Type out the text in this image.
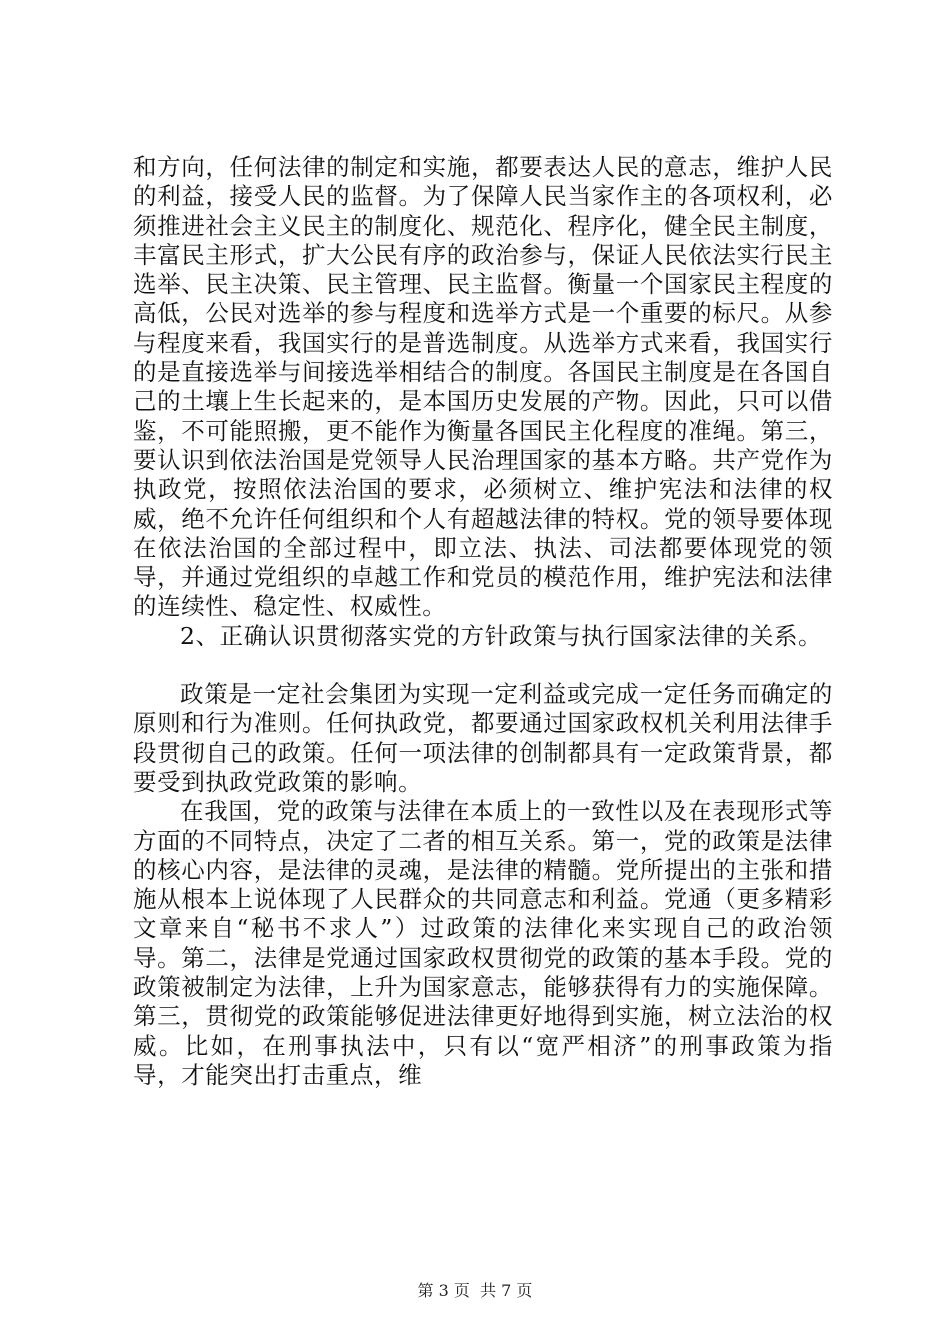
和方向，任何法律的制定和实施，都要表达人民的意志，维护人民的利益，接受人民的监督。为了保障人民当家作主的各项权利，必须推进社会主义民主的制度化、规范化、程序化，健全民主制度，丰富民主形式，扩大公民有序的政治参与，保证人民依法实行民主选举、民主决策、民主管理、民主监督。衡量一个国家民主程度的高低，公民对选举的参与程度和选举方式是一个重要的标尺。从参与程度来看，我国实行的是普选制度。从选举方式来看，我国实行的是直接选举与间接选举相结合的制度。各国民主制度是在各国自己的土壤上生长起来的，是本国历史发展的产物。因此，只可以借鉴，不可能照搬，更不能作为衡量各国民主化程度的准绳。第三，要认识到依法治国是党领导人民治理国家的基本方略。共产党作为执政党，按照依法治国的要求，必须树立、维护宪法和法律的权威，绝不允许任何组织和个人有超越法律的特权。党的领导要体现在依法治国的全部过程中，即立法、执法、司法都要体现党的领导，并通过党组织的卓越工作和党员的模范作用，维护宪法和法律的连续性、稳定性、权威性。

2、正确认识贯彻落实党的方针政策与执行国家法律的关系。

政策是一定社会集团为实现一定利益或完成一定任务而确定的原则和行为准则。任何执政党，都要通过国家政权机关利用法律手段贯彻自己的政策。任何一项法律的创制都具有一定政策背景，都要受到执政党政策的影响。

在我国，党的政策与法律在本质上的一致性以及在表现形式等方面的不同特点，决定了二者的相互关系。第一，党的政策是法律的核心内容，是法律的灵魂，是法律的精髓。党所提出的主张和措施从根本上说体现了人民群众的共同意志和利益。党通（更多精彩文章来自“秘书不求人”）过政策的法律化来实现自己的政治领导。第二，法律是党通过国家政权贯彻党的政策的基本手段。党的政策被制定为法律，上升为国家意志，能够获得有力的实施保障。第三，贯彻党的政策能够促进法律更好地得到实施，树立法治的权威。比如，在刑事执法中，只有以“宽严相济”的刑事政策为指导，才能突出打击重点，维

第 3 页  共 7 页
